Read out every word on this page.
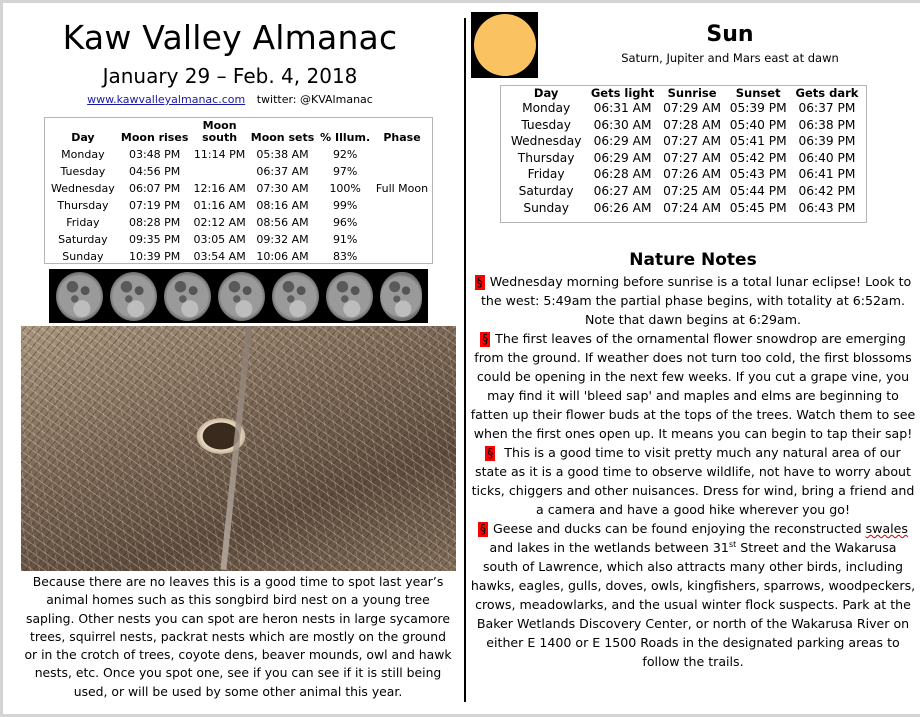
Kaw Valley Almanac
January 29 – Feb. 4, 2018
www.kawvalleyalmanac.com twitter: @KVAlmanac
Day	Moon rises	Moon south	Moon sets	% Illum.	Phase
Monday	03:48 PM	11:14 PM	05:38 AM	92%	
Tuesday	04:56 PM		06:37 AM	97%	
Wednesday	06:07 PM	12:16 AM	07:30 AM	100%	Full Moon
Thursday	07:19 PM	01:16 AM	08:16 AM	99%	
Friday	08:28 PM	02:12 AM	08:56 AM	96%	
Saturday	09:35 PM	03:05 AM	09:32 AM	91%	
Sunday	10:39 PM	03:54 AM	10:06 AM	83%	

Because there are no leaves this is a good time to spot last year’s animal homes such as this songbird bird nest on a young tree sapling. Other nests you can spot are heron nests in large sycamore trees, squirrel nests, packrat nests which are mostly on the ground or in the crotch of trees, coyote dens, beaver mounds, owl and hawk nests, etc. Once you spot one, see if you can see if it is still being used, or will be used by some other animal this year.

Sun
Saturn, Jupiter and Mars east at dawn
Day	Gets light	Sunrise	Sunset	Gets dark
Monday	06:31 AM	07:29 AM	05:39 PM	06:37 PM
Tuesday	06:30 AM	07:28 AM	05:40 PM	06:38 PM
Wednesday	06:29 AM	07:27 AM	05:41 PM	06:39 PM
Thursday	06:29 AM	07:27 AM	05:42 PM	06:40 PM
Friday	06:28 AM	07:26 AM	05:43 PM	06:41 PM
Saturday	06:27 AM	07:25 AM	05:44 PM	06:42 PM
Sunday	06:26 AM	07:24 AM	05:45 PM	06:43 PM
Nature Notes
§ Wednesday morning before sunrise is a total lunar eclipse! Look to the west: 5:49am the partial phase begins, with totality at 6:52am. Note that dawn begins at 6:29am.
§ The first leaves of the ornamental flower snowdrop are emerging from the ground. If weather does not turn too cold, the first blossoms could be opening in the next few weeks. If you cut a grape vine, you may find it will 'bleed sap' and maples and elms are beginning to fatten up their flower buds at the tops of the trees. Watch them to see when the first ones open up. It means you can begin to tap their sap!
§ This is a good time to visit pretty much any natural area of our state as it is a good time to observe wildlife, not have to worry about ticks, chiggers and other nuisances. Dress for wind, bring a friend and a camera and have a good hike wherever you go!
§ Geese and ducks can be found enjoying the reconstructed swales and lakes in the wetlands between 31st Street and the Wakarusa south of Lawrence, which also attracts many other birds, including hawks, eagles, gulls, doves, owls, kingfishers, sparrows, woodpeckers, crows, meadowlarks, and the usual winter flock suspects. Park at the Baker Wetlands Discovery Center, or north of the Wakarusa River on either E 1400 or E 1500 Roads in the designated parking areas to follow the trails.
